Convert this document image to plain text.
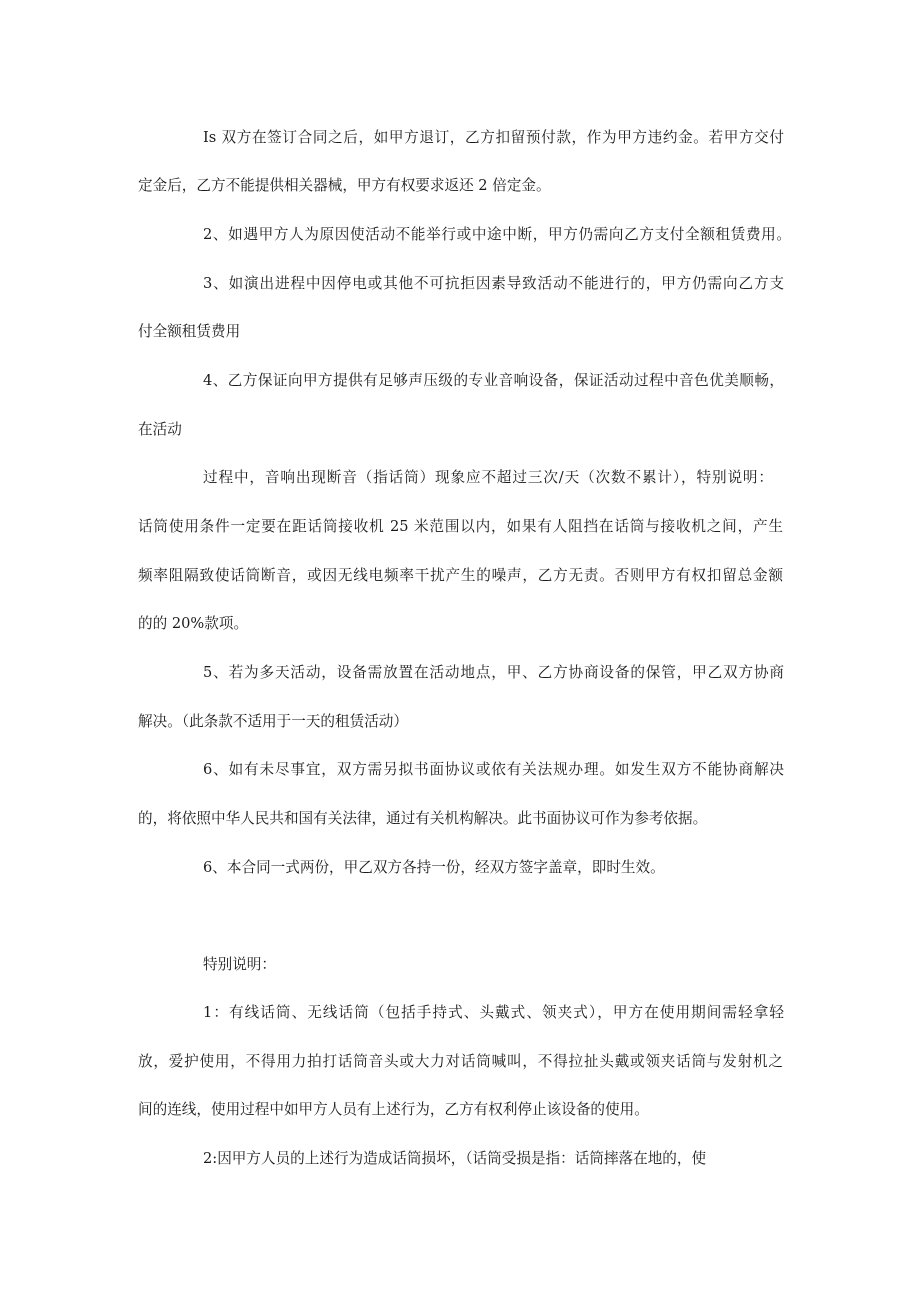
Is 双方在签订合同之后，如甲方退订，乙方扣留预付款，作为甲方违约金。若甲方交付
定金后，乙方不能提供相关器械，甲方有权要求返还 2 倍定金。
2、如遇甲方人为原因使活动不能举行或中途中断，甲方仍需向乙方支付全额租赁费用。
3、如演出进程中因停电或其他不可抗拒因素导致活动不能进行的，甲方仍需向乙方支
付全额租赁费用
4、乙方保证向甲方提供有足够声压级的专业音响设备，保证活动过程中音色优美顺畅，
在活动
过程中，音响出现断音（指话筒）现象应不超过三次/天（次数不累计），特别说明：
话筒使用条件一定要在距话筒接收机 25 米范围以内，如果有人阻挡在话筒与接收机之间，产生
频率阻隔致使话筒断音，或因无线电频率干扰产生的噪声，乙方无责。否则甲方有权扣留总金额
的的 20%款项。
5、若为多天活动，设备需放置在活动地点，甲、乙方协商设备的保管，甲乙双方协商
解决。（此条款不适用于一天的租赁活动）
6、如有未尽事宜，双方需另拟书面协议或依有关法规办理。如发生双方不能协商解决
的，将依照中华人民共和国有关法律，通过有关机构解决。此书面协议可作为参考依据。
6、本合同一式两份，甲乙双方各持一份，经双方签字盖章，即时生效。
特别说明：
1：有线话筒、无线话筒（包括手持式、头戴式、领夹式），甲方在使用期间需轻拿轻
放，爱护使用，不得用力拍打话筒音头或大力对话筒喊叫，不得拉扯头戴或领夹话筒与发射机之
间的连线，使用过程中如甲方人员有上述行为，乙方有权利停止该设备的使用。
2:因甲方人员的上述行为造成话筒损坏，（话筒受损是指：话筒摔落在地的，使
